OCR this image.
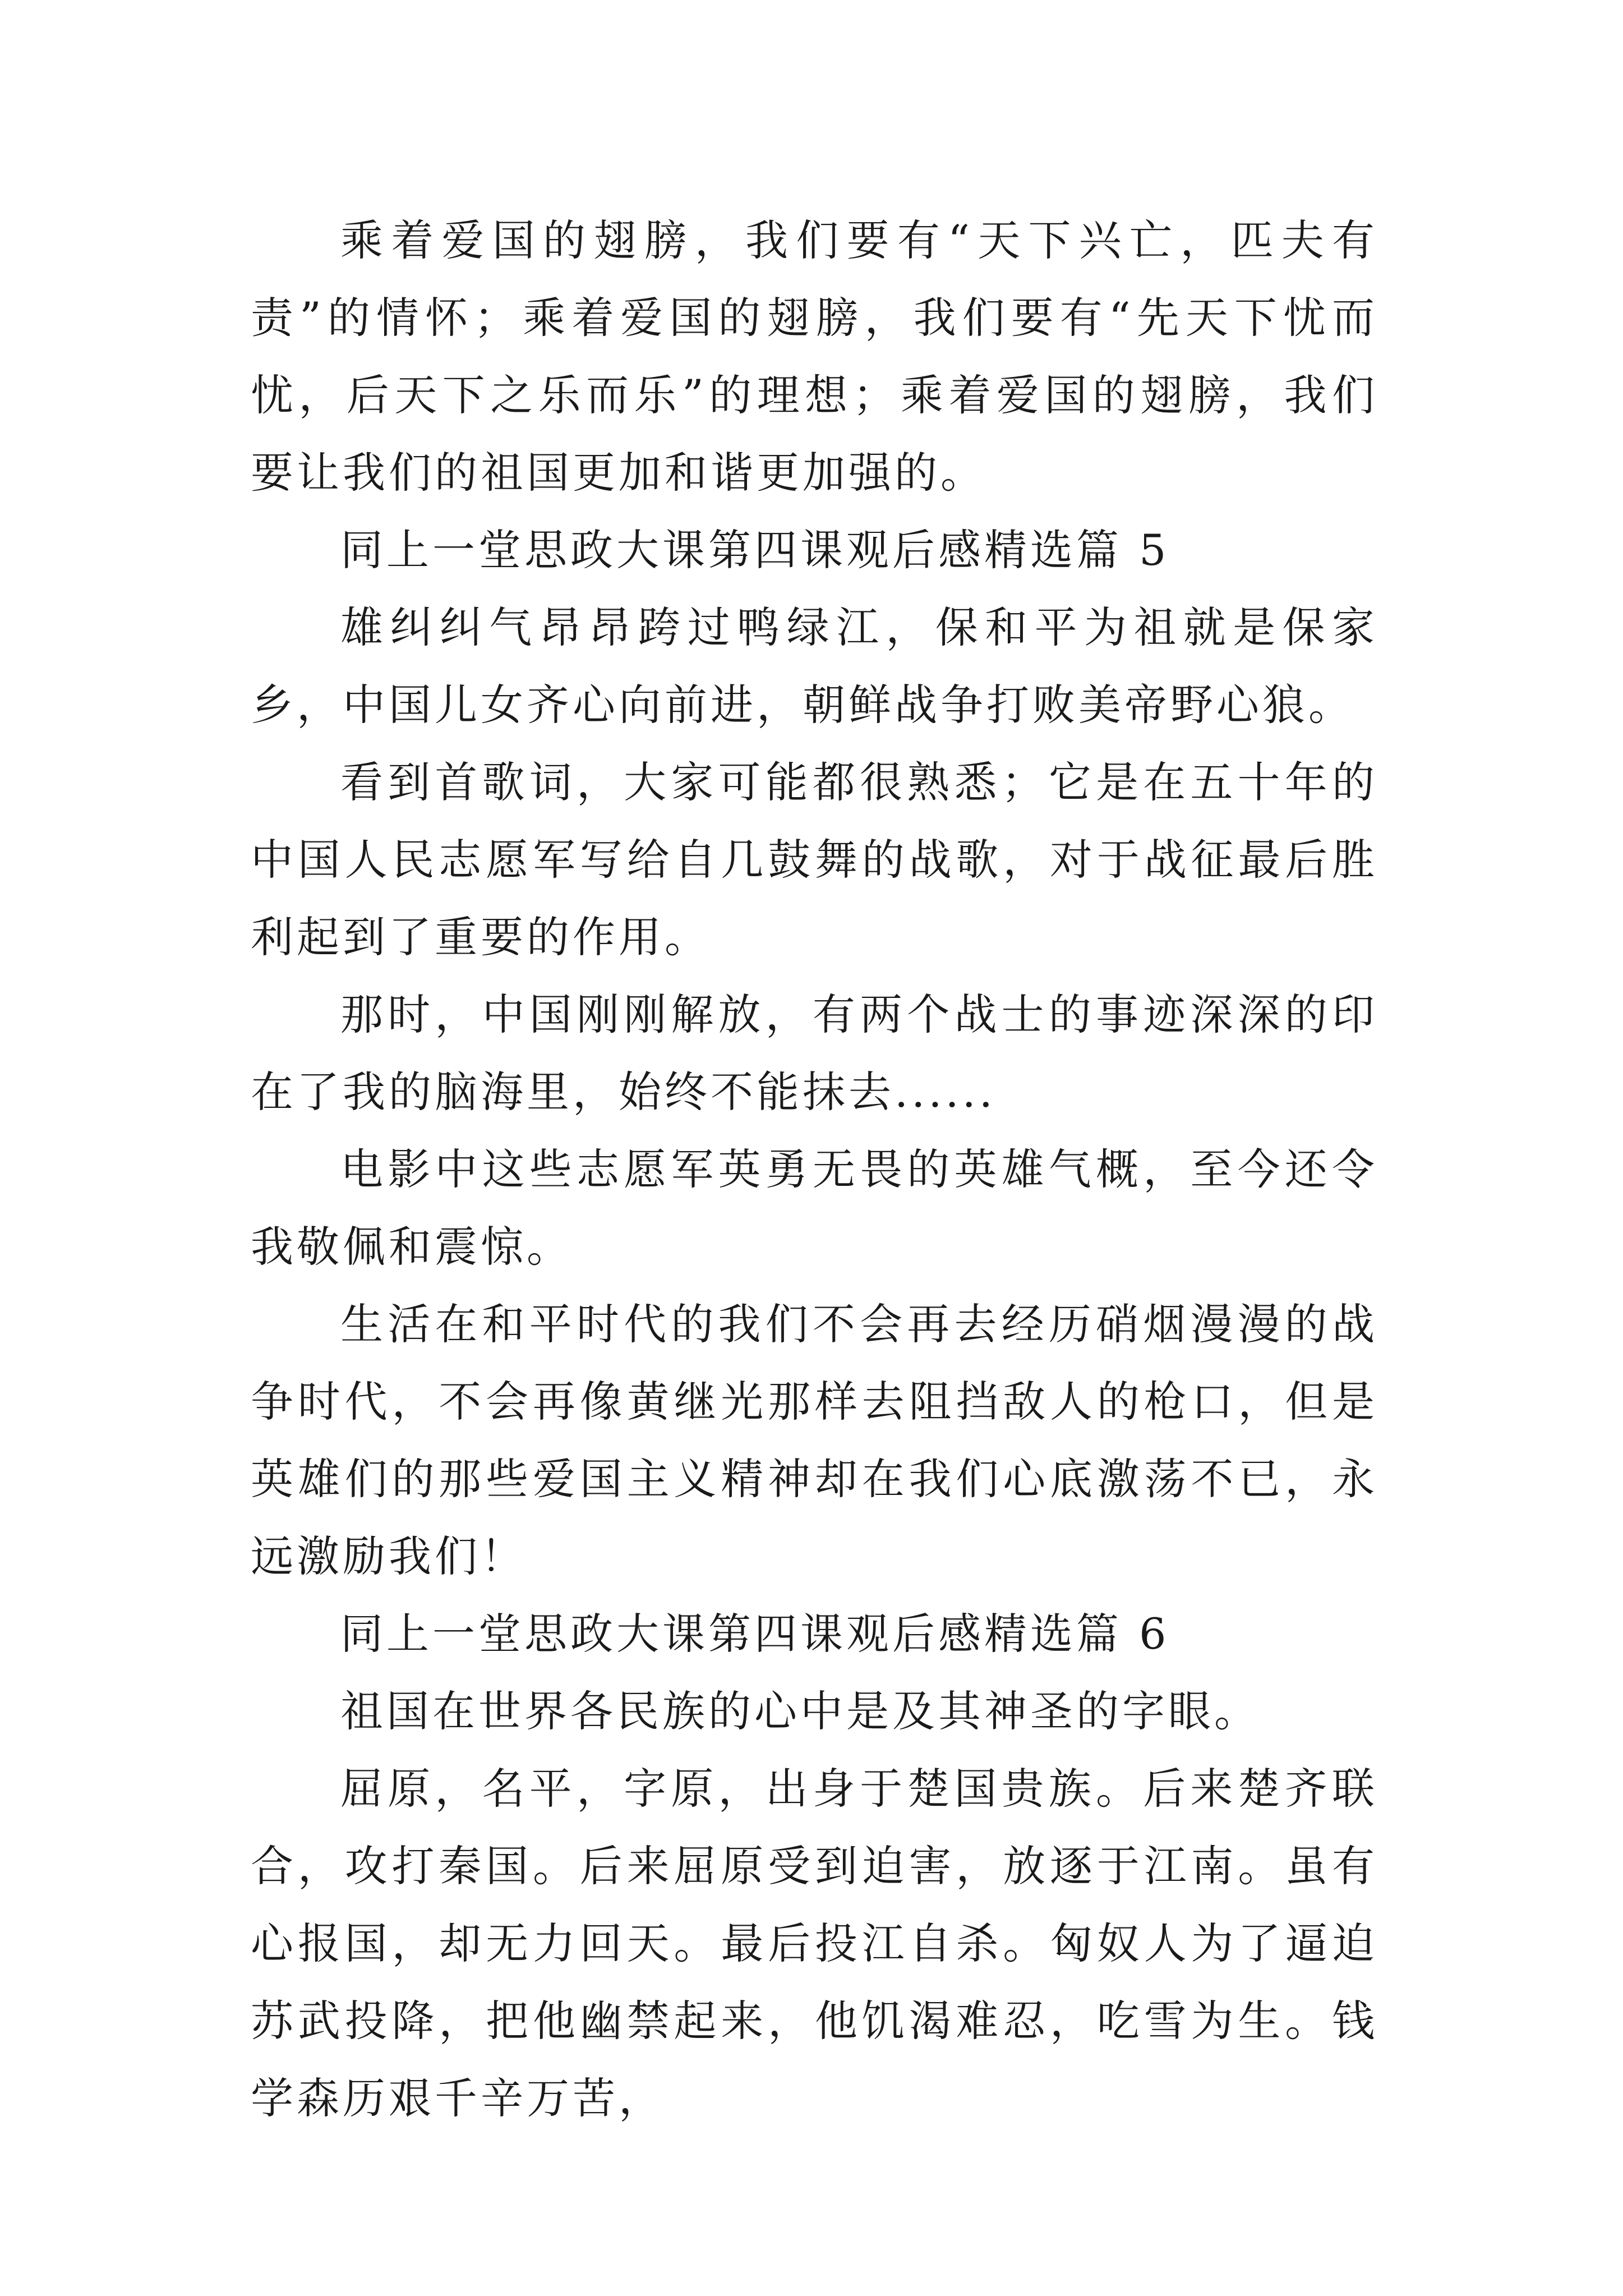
乘着爱国的翅膀，我们要有“天下兴亡，匹夫有责”的情怀；乘着爱国的翅膀，我们要有“先天下忧而忧，后天下之乐而乐”的理想；乘着爱国的翅膀，我们要让我们的祖国更加和谐更加强的。

同上一堂思政大课第四课观后感精选篇 5

雄纠纠气昂昂跨过鸭绿江，保和平为祖就是保家乡，中国儿女齐心向前进，朝鲜战争打败美帝野心狼。

看到首歌词，大家可能都很熟悉；它是在五十年的中国人民志愿军写给自几鼓舞的战歌，对于战征最后胜利起到了重要的作用。

那时，中国刚刚解放，有两个战士的事迹深深的印在了我的脑海里，始终不能抹去......

电影中这些志愿军英勇无畏的英雄气概，至今还令我敬佩和震惊。

生活在和平时代的我们不会再去经历硝烟漫漫的战争时代，不会再像黄继光那样去阻挡敌人的枪口，但是英雄们的那些爱国主义精神却在我们心底激荡不已，永远激励我们！

同上一堂思政大课第四课观后感精选篇 6

祖国在世界各民族的心中是及其神圣的字眼。

屈原，名平，字原，出身于楚国贵族。后来楚齐联合，攻打秦国。后来屈原受到迫害，放逐于江南。虽有心报国，却无力回天。最后投江自杀。匈奴人为了逼迫苏武投降，把他幽禁起来，他饥渴难忍，吃雪为生。钱学森历艰千辛万苦，
